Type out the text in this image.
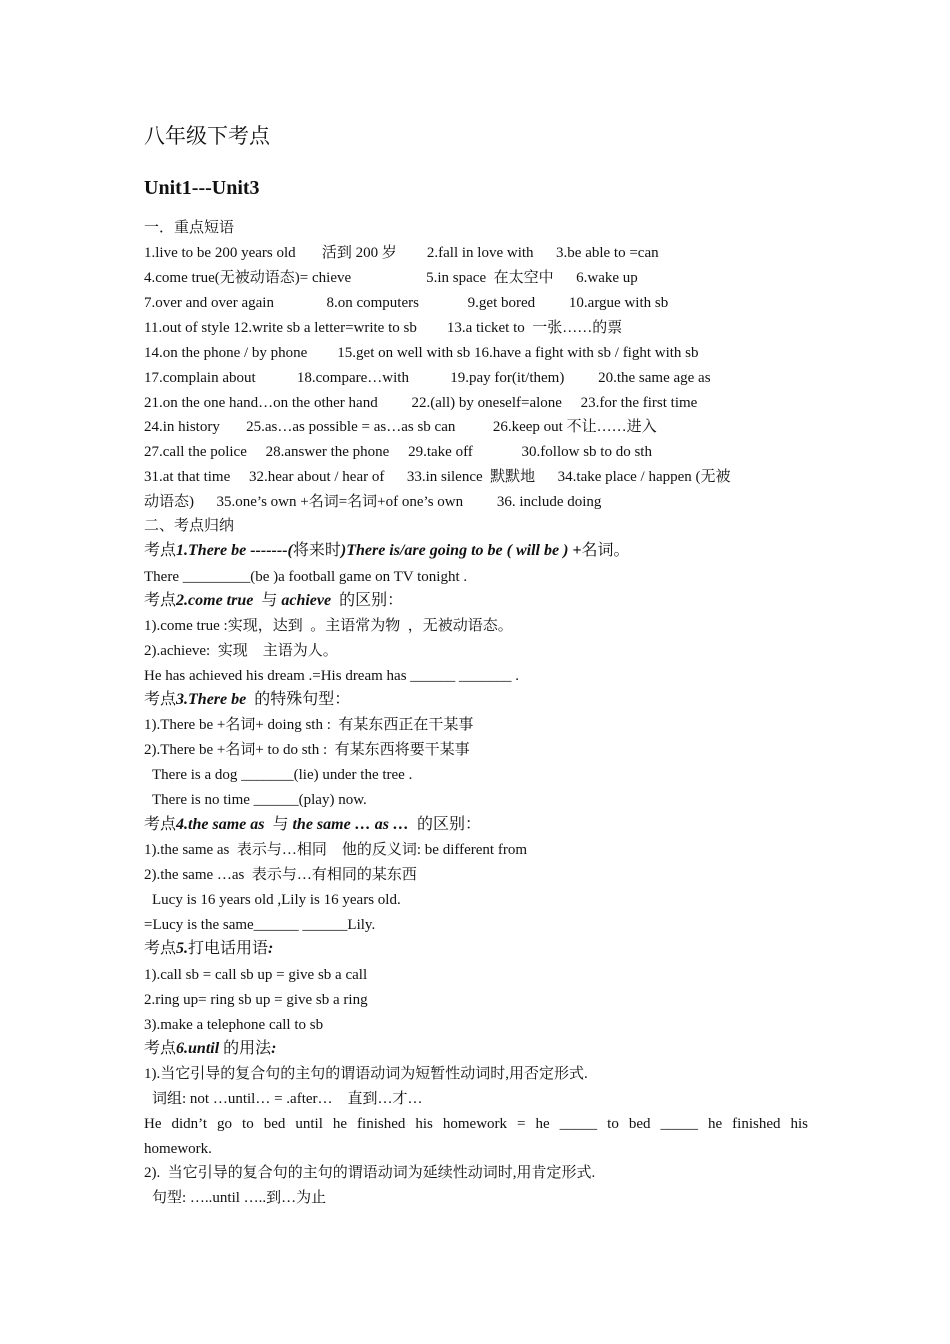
八年级下考点
Unit1---Unit3
一．重点短语
1.live to be 200 years old       活到 200 岁        2.fall in love with      3.be able to =can
4.come true(无被动语态)= chieve                    5.in space  在太空中      6.wake up
7.over and over again              8.on computers             9.get bored         10.argue with sb
11.out of style 12.write sb a letter=write to sb        13.a ticket to  一张……的票
14.on the phone / by phone        15.get on well with sb 16.have a fight with sb / fight with sb
17.complain about           18.compare…with           19.pay for(it/them)         20.the same age as
21.on the one hand…on the other hand         22.(all) by oneself=alone     23.for the first time
24.in history       25.as…as possible = as…as sb can          26.keep out 不让……进入
27.call the police     28.answer the phone     29.take off             30.follow sb to do sth
31.at that time     32.hear about / hear of      33.in silence  默默地      34.take place / happen (无被
动语态)      35.one’s own +名词=名词+of one’s own         36. include doing
二、考点归纳
考点1.There be -------(将来时)There is/are going to be ( will be ) +名词。
There _________(be )a football game on TV tonight .
考点2.come true  与 achieve  的区别：
1).come true :实现，达到  。主语常为物  ，无被动语态。
2).achieve:  实现    主语为人。
He has achieved his dream .=His dream has ______ _______ .
考点3.There be  的特殊句型：
1).There be +名词+ doing sth :  有某东西正在干某事
2).There be +名词+ to do sth :  有某东西将要干某事
There is a dog _______(lie) under the tree .
There is no time ______(play) now.
考点4.the same as  与 the same … as …  的区别：
1).the same as  表示与…相同    他的反义词: be different from
2).the same …as  表示与…有相同的某东西
Lucy is 16 years old ,Lily is 16 years old.
=Lucy is the same______ ______Lily.
考点5.打电话用语:
1).call sb = call sb up = give sb a call
2.ring up= ring sb up = give sb a ring
3).make a telephone call to sb
考点6.until 的用法:
1).当它引导的复合句的主句的谓语动词为短暂性动词时,用否定形式.
词组: not …until… = .after…    直到…才…
He didn’t go to bed until he finished his homework = he _____ to bed _____ he finished his
homework.
2).  当它引导的复合句的主句的谓语动词为延续性动词时,用肯定形式.
句型: …..until …..到…为止
